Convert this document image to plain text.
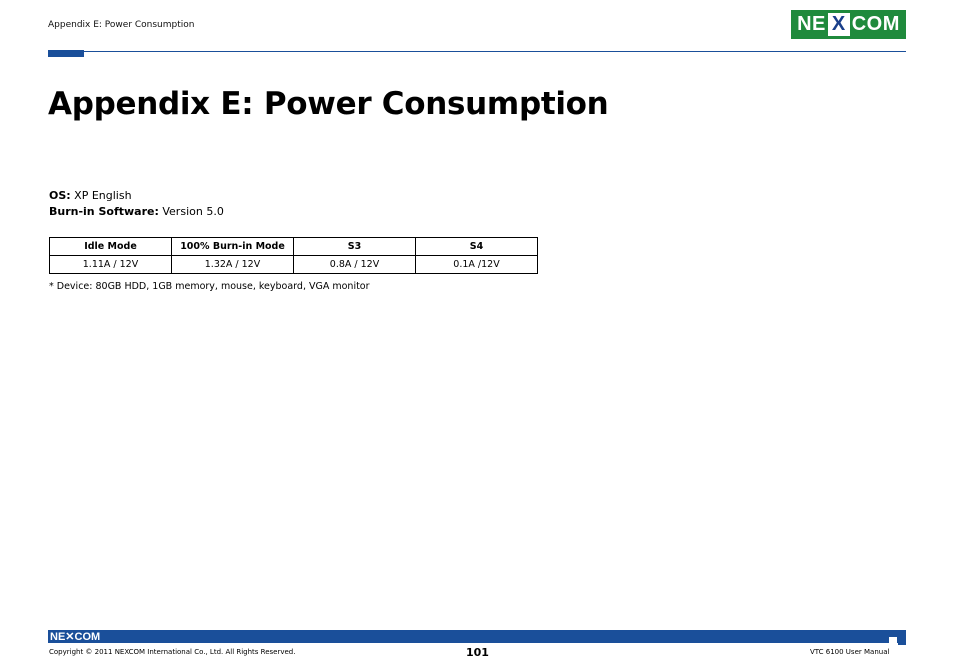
Appendix E: Power Consumption	NE X COM
Appendix E: Power Consumption
OS: XP English
Burn-in Software: Version 5.0
Idle Mode	100% Burn-in Mode	S3	S4
1.11A / 12V	1.32A / 12V	0.8A / 12V	0.1A /12V
* Device: 80GB HDD, 1GB memory, mouse, keyboard, VGA monitor
NE✕COM
Copyright © 2011 NEXCOM International Co., Ltd. All Rights Reserved.	101	VTC 6100 User Manual
